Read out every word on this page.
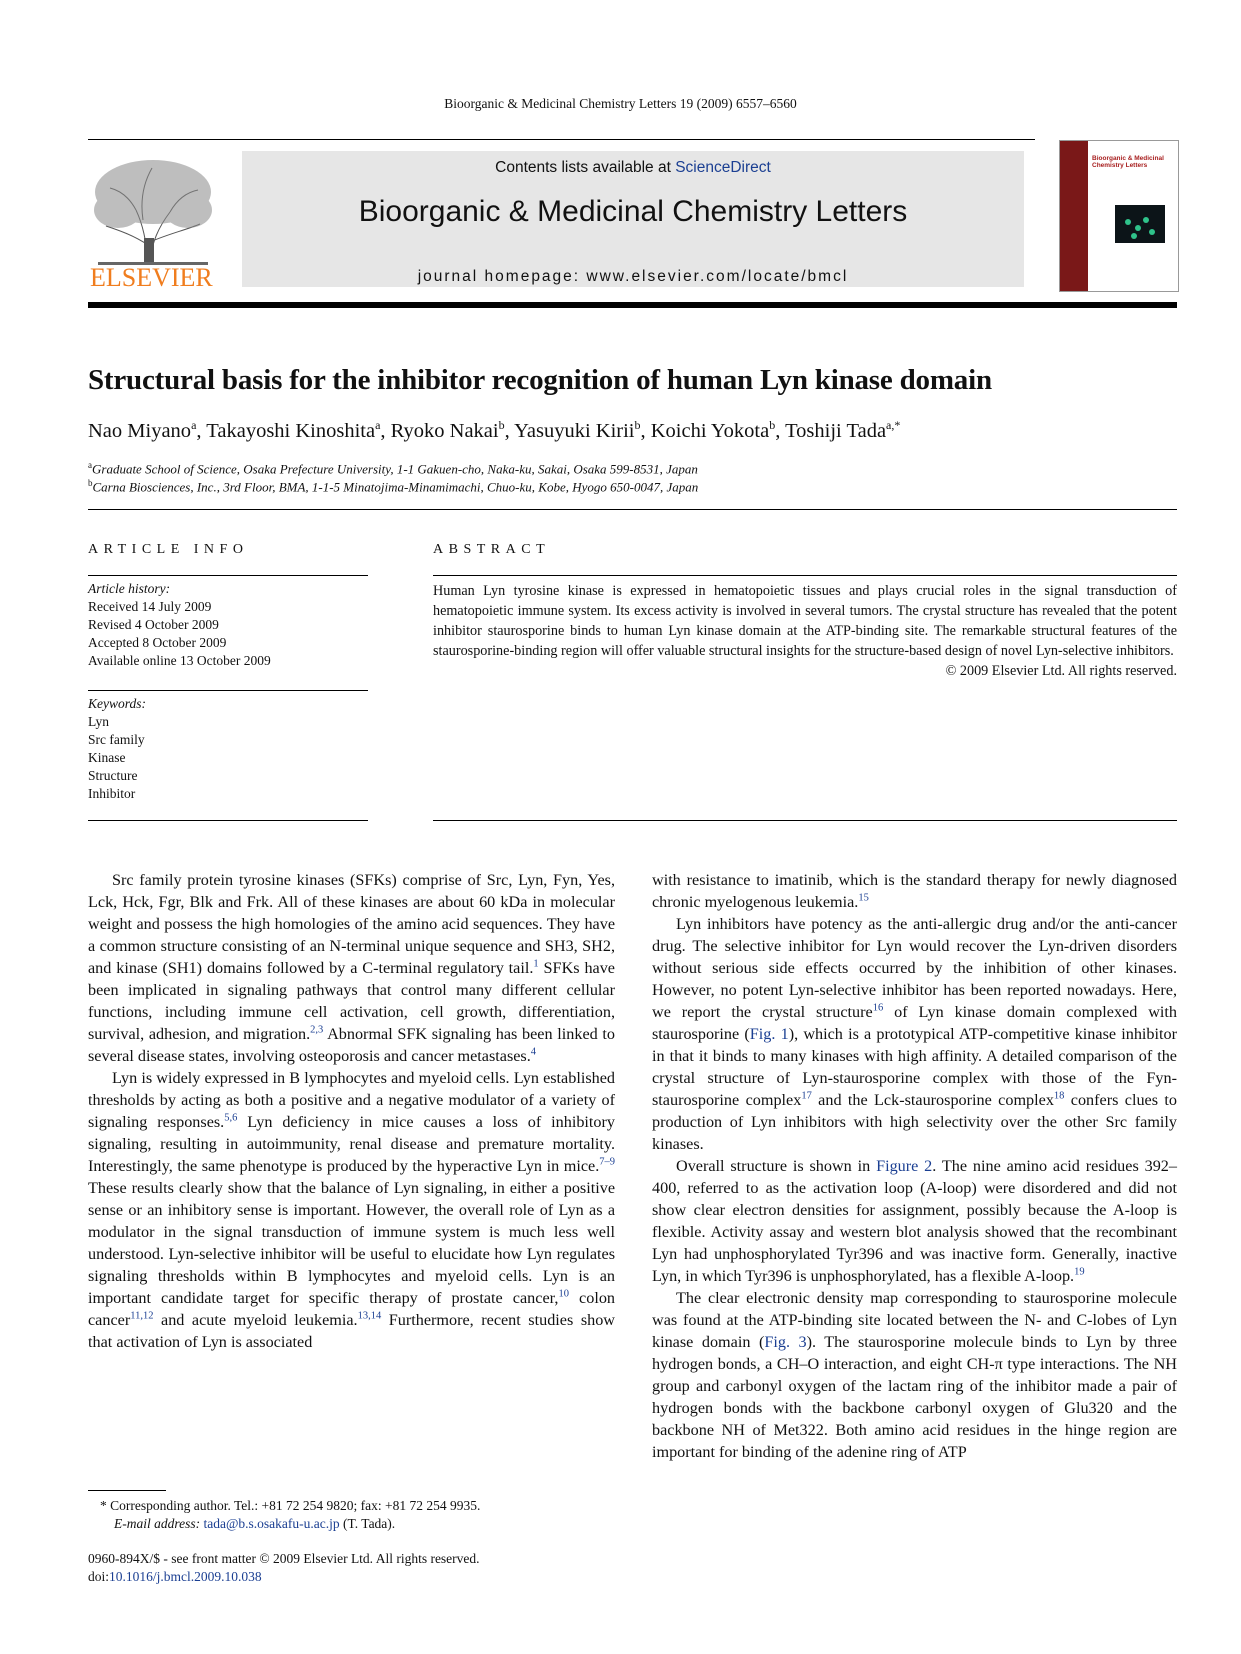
Bioorganic & Medicinal Chemistry Letters 19 (2009) 6557–6560
ELSEVIER
Contents lists available at ScienceDirect
Bioorganic & Medicinal Chemistry Letters
journal homepage: www.elsevier.com/locate/bmcl
Bioorganic & Medicinal Chemistry Letters
Structural basis for the inhibitor recognition of human Lyn kinase domain
Nao Miyano$^a$, Takayoshi Kinoshita$^a$, Ryoko Nakai$^b$, Yasuyuki Kirii$^b$, Koichi Yokota$^b$, Toshiji Tada$^{a,*}$
$^a$Graduate School of Science, Osaka Prefecture University, 1-1 Gakuen-cho, Naka-ku, Sakai, Osaka 599-8531, Japan
$^b$Carna Biosciences, Inc., 3rd Floor, BMA, 1-1-5 Minatojima-Minamimachi, Chuo-ku, Kobe, Hyogo 650-0047, Japan
ARTICLE INFO
Article history:
Received 14 July 2009
Revised 4 October 2009
Accepted 8 October 2009
Available online 13 October 2009
Keywords:
Lyn
Src family
Kinase
Structure
Inhibitor
ABSTRACT
Human Lyn tyrosine kinase is expressed in hematopoietic tissues and plays crucial roles in the signal transduction of hematopoietic immune system. Its excess activity is involved in several tumors. The crystal structure has revealed that the potent inhibitor staurosporine binds to human Lyn kinase domain at the ATP-binding site. The remarkable structural features of the staurosporine-binding region will offer valuable structural insights for the structure-based design of novel Lyn-selective inhibitors.
© 2009 Elsevier Ltd. All rights reserved.

Src family protein tyrosine kinases (SFKs) comprise of Src, Lyn, Fyn, Yes, Lck, Hck, Fgr, Blk and Frk. All of these kinases are about 60 kDa in molecular weight and possess the high homologies of the amino acid sequences. They have a common structure consisting of an N-terminal unique sequence and SH3, SH2, and kinase (SH1) domains followed by a C-terminal regulatory tail.$^1$ SFKs have been implicated in signaling pathways that control many different cellular functions, including immune cell activation, cell growth, differentiation, survival, adhesion, and migration.$^{2,3}$ Abnormal SFK signaling has been linked to several disease states, involving osteoporosis and cancer metastases.$^4$

Lyn is widely expressed in B lymphocytes and myeloid cells. Lyn established thresholds by acting as both a positive and a negative modulator of a variety of signaling responses.$^{5,6}$ Lyn deficiency in mice causes a loss of inhibitory signaling, resulting in autoimmunity, renal disease and premature mortality. Interestingly, the same phenotype is produced by the hyperactive Lyn in mice.$^{7-9}$ These results clearly show that the balance of Lyn signaling, in either a positive sense or an inhibitory sense is important. However, the overall role of Lyn as a modulator in the signal transduction of immune system is much less well understood. Lyn-selective inhibitor will be useful to elucidate how Lyn regulates signaling thresholds within B lymphocytes and myeloid cells. Lyn is an important candidate target for specific therapy of prostate cancer,$^{10}$ colon cancer$^{11,12}$ and acute myeloid leukemia.$^{13,14}$ Furthermore, recent studies show that activation of Lyn is associated

with resistance to imatinib, which is the standard therapy for newly diagnosed chronic myelogenous leukemia.$^{15}$

Lyn inhibitors have potency as the anti-allergic drug and/or the anti-cancer drug. The selective inhibitor for Lyn would recover the Lyn-driven disorders without serious side effects occurred by the inhibition of other kinases. However, no potent Lyn-selective inhibitor has been reported nowadays. Here, we report the crystal structure$^{16}$ of Lyn kinase domain complexed with staurosporine (Fig. 1), which is a prototypical ATP-competitive kinase inhibitor in that it binds to many kinases with high affinity. A detailed comparison of the crystal structure of Lyn-staurosporine complex with those of the Fyn-staurosporine complex$^{17}$ and the Lck-staurosporine complex$^{18}$ confers clues to production of Lyn inhibitors with high selectivity over the other Src family kinases.

Overall structure is shown in Figure 2. The nine amino acid residues 392–400, referred to as the activation loop (A-loop) were disordered and did not show clear electron densities for assignment, possibly because the A-loop is flexible. Activity assay and western blot analysis showed that the recombinant Lyn had unphosphorylated Tyr396 and was inactive form. Generally, inactive Lyn, in which Tyr396 is unphosphorylated, has a flexible A-loop.$^{19}$

The clear electronic density map corresponding to staurosporine molecule was found at the ATP-binding site located between the N- and C-lobes of Lyn kinase domain (Fig. 3). The staurosporine molecule binds to Lyn by three hydrogen bonds, a CH–O interaction, and eight CH-π type interactions. The NH group and carbonyl oxygen of the lactam ring of the inhibitor made a pair of hydrogen bonds with the backbone carbonyl oxygen of Glu320 and the backbone NH of Met322. Both amino acid residues in the hinge region are important for binding of the adenine ring of ATP

* Corresponding author. Tel.: +81 72 254 9820; fax: +81 72 254 9935.
E-mail address: tada@b.s.osakafu-u.ac.jp (T. Tada).
0960-894X/$ - see front matter © 2009 Elsevier Ltd. All rights reserved.
doi:10.1016/j.bmcl.2009.10.038
